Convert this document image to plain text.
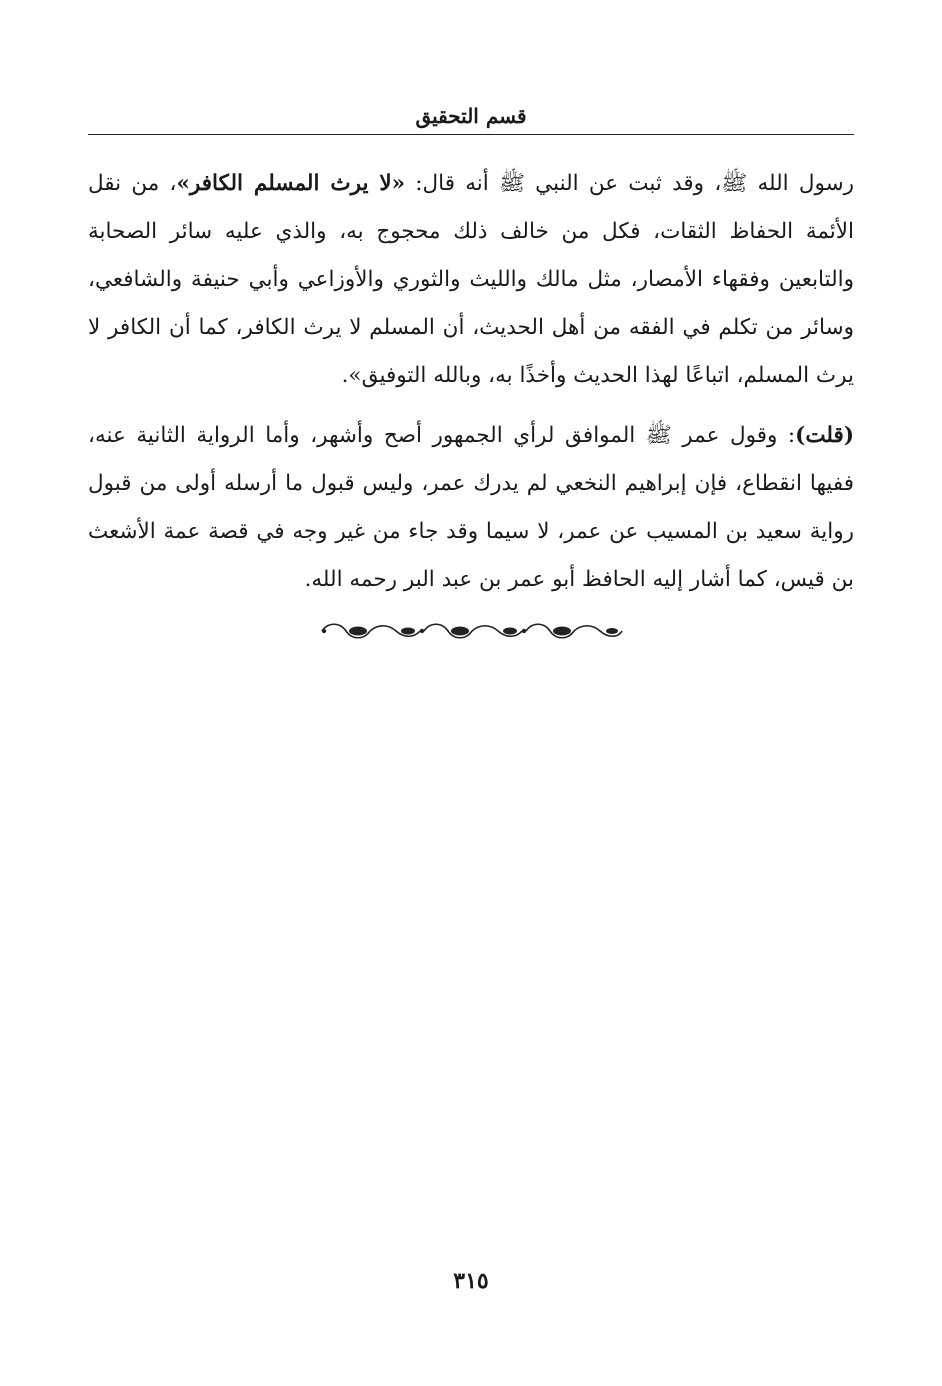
قسم التحقيق

رسول الله ﷺ، وقد ثبت عن النبي ﷺ أنه قال: «لا يرث المسلم الكافر»، من نقل الأئمة الحفاظ الثقات، فكل من خالف ذلك محجوج به، والذي عليه سائر الصحابة والتابعين وفقهاء الأمصار، مثل مالك والليث والثوري والأوزاعي وأبي حنيفة والشافعي، وسائر من تكلم في الفقه من أهل الحديث، أن المسلم لا يرث الكافر، كما أن الكافر لا يرث المسلم، اتباعًا لهذا الحديث وأخذًا به، وبالله التوفيق».

(قلت): وقول عمر ﷺ الموافق لرأي الجمهور أصح وأشهر، وأما الرواية الثانية عنه، ففيها انقطاع، فإن إبراهيم النخعي لم يدرك عمر، وليس قبول ما أرسله أولى من قبول رواية سعيد بن المسيب عن عمر، لا سيما وقد جاء من غير وجه في قصة عمة الأشعث بن قيس، كما أشار إليه الحافظ أبو عمر بن عبد البر رحمه الله.

٣١٥
